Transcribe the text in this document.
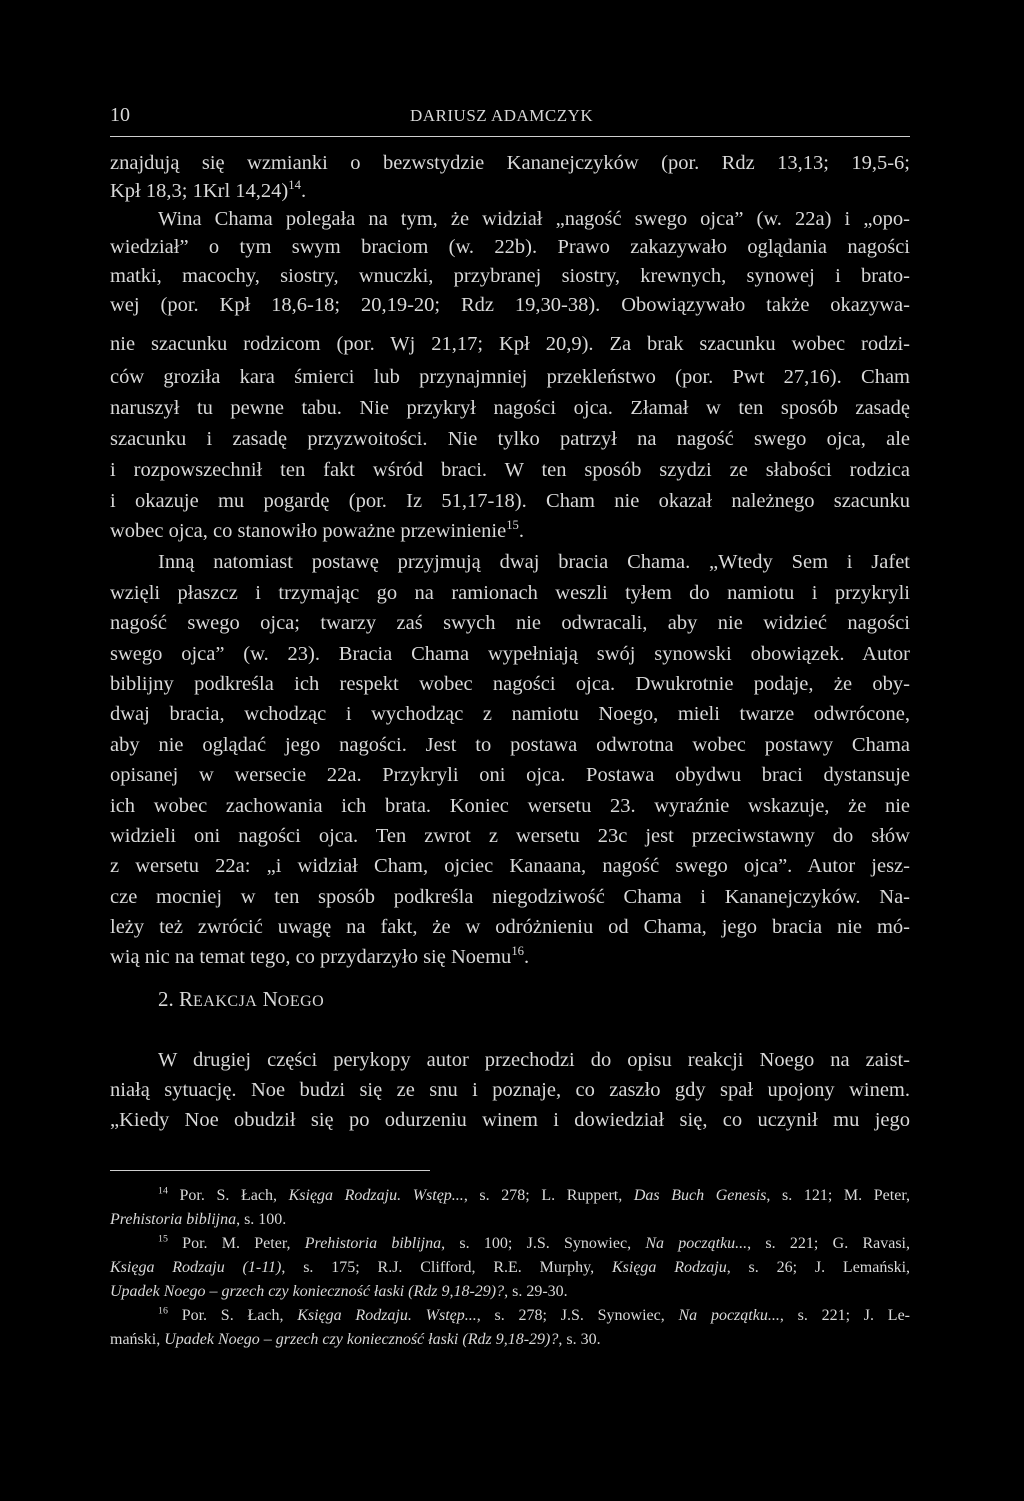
10	DARIUSZ ADAMCZYK
znajdują się wzmianki o bezwstydzie Kananejczyków (por. Rdz 13,13; 19,5-6;
Kpł 18,3; 1Krl 14,24)$^{14}$.
Wina Chama polegała na tym, że widział „nagość swego ojca” (w. 22a) i „opo-
wiedział” o tym swym braciom (w. 22b). Prawo zakazywało oglądania nagości
matki, macochy, siostry, wnuczki, przybranej siostry, krewnych, synowej i brato-
wej (por. Kpł 18,6-18; 20,19-20; Rdz 19,30-38). Obowiązywało także okazywa-
nie szacunku rodzicom (por. Wj 21,17; Kpł 20,9). Za brak szacunku wobec rodzi-
ców groziła kara śmierci lub przynajmniej przekleństwo (por. Pwt 27,16). Cham
naruszył tu pewne tabu. Nie przykrył nagości ojca. Złamał w ten sposób zasadę
szacunku i zasadę przyzwoitości. Nie tylko patrzył na nagość swego ojca, ale
i rozpowszechnił ten fakt wśród braci. W ten sposób szydzi ze słabości rodzica
i okazuje mu pogardę (por. Iz 51,17-18). Cham nie okazał należnego szacunku
wobec ojca, co stanowiło poważne przewinienie$^{15}$.
Inną natomiast postawę przyjmują dwaj bracia Chama. „Wtedy Sem i Jafet
wzięli płaszcz i trzymając go na ramionach weszli tyłem do namiotu i przykryli
nagość swego ojca; twarzy zaś swych nie odwracali, aby nie widzieć nagości
swego ojca” (w. 23). Bracia Chama wypełniają swój synowski obowiązek. Autor
biblijny podkreśla ich respekt wobec nagości ojca. Dwukrotnie podaje, że oby-
dwaj bracia, wchodząc i wychodząc z namiotu Noego, mieli twarze odwrócone,
aby nie oglądać jego nagości. Jest to postawa odwrotna wobec postawy Chama
opisanej w wersecie 22a. Przykryli oni ojca. Postawa obydwu braci dystansuje
ich wobec zachowania ich brata. Koniec wersetu 23. wyraźnie wskazuje, że nie
widzieli oni nagości ojca. Ten zwrot z wersetu 23c jest przeciwstawny do słów
z wersetu 22a: „i widział Cham, ojciec Kanaana, nagość swego ojca”. Autor jesz-
cze mocniej w ten sposób podkreśla niegodziwość Chama i Kananejczyków. Na-
leży też zwrócić uwagę na fakt, że w odróżnieniu od Chama, jego bracia nie mó-
wią nic na temat tego, co przydarzyło się Noemu$^{16}$.
2. REAKCJA NOEGO
W drugiej części perykopy autor przechodzi do opisu reakcji Noego na zaist-
niałą sytuację. Noe budzi się ze snu i poznaje, co zaszło gdy spał upojony winem.
„Kiedy Noe obudził się po odurzeniu winem i dowiedział się, co uczynił mu jego
$^{14}$ Por. S. Łach, Księga Rodzaju. Wstęp..., s. 278; L. Ruppert, Das Buch Genesis, s. 121; M. Peter,
Prehistoria biblijna, s. 100.
$^{15}$ Por. M. Peter, Prehistoria biblijna, s. 100; J.S. Synowiec, Na początku..., s. 221; G. Ravasi,
Księga Rodzaju (1-11), s. 175; R.J. Clifford, R.E. Murphy, Księga Rodzaju, s. 26; J. Lemański,
Upadek Noego – grzech czy konieczność łaski (Rdz 9,18-29)?, s. 29-30.
$^{16}$ Por. S. Łach, Księga Rodzaju. Wstęp..., s. 278; J.S. Synowiec, Na początku..., s. 221; J. Le-
mański, Upadek Noego – grzech czy konieczność łaski (Rdz 9,18-29)?, s. 30.
